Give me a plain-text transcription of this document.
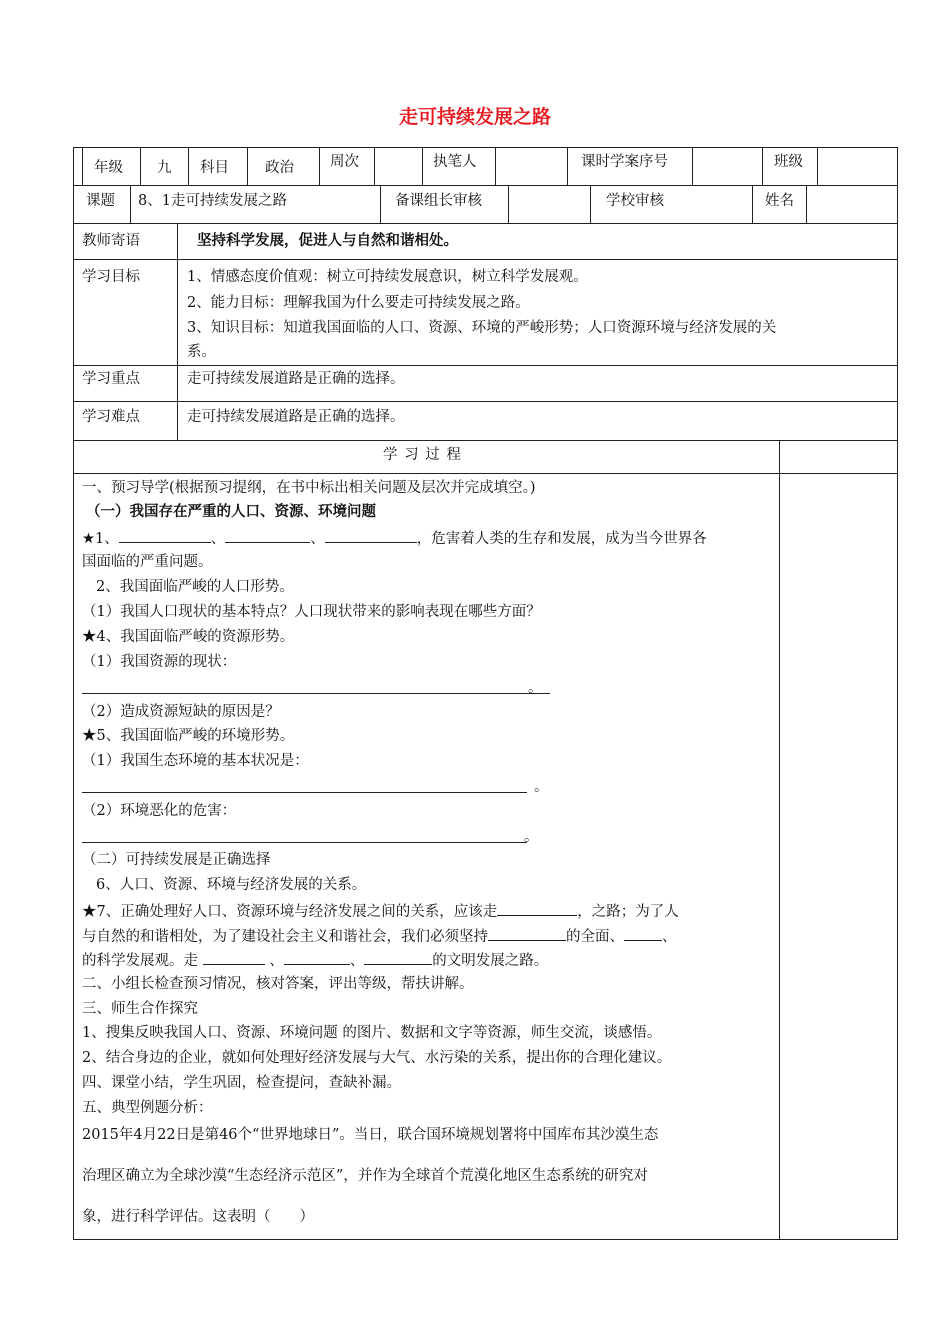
走可持续发展之路
年级 九 科目 政治 周次	执笔人	课时学案序号	班级
课题 8、1走可持续发展之路	备课组长审核	学校审核	姓名
教师寄语	坚持科学发展，促进人与自然和谐相处。
学习目标	1、情感态度价值观：树立可持续发展意识，树立科学发展观。
2、能力目标：理解我国为什么要走可持续发展之路。
3、知识目标：知道我国面临的人口、资源、环境的严峻形势；人口资源环境与经济发展的关
系。
学习重点	走可持续发展道路是正确的选择。
学习难点	走可持续发展道路是正确的选择。
学 习 过 程
一、预习导学(根据预习提纲，在书中标出相关问题及层次并完成填空。)
（一）我国存在严重的人口、资源、环境问题
★1、	、	、	，危害着人类的生存和发展，成为当今世界各
国面临的严重问题。
2、我国面临严峻的人口形势。
（1）我国人口现状的基本特点？人口现状带来的影响表现在哪些方面？
★4、我国面临严峻的资源形势。
（1）我国资源的现状：
。
（2）造成资源短缺的原因是？
★5、我国面临严峻的环境形势。
（1）我国生态环境的基本状况是：
。
（2）环境恶化的危害：
。
（二）可持续发展是正确选择
6、人口、资源、环境与经济发展的关系。
★7、正确处理好人口、资源环境与经济发展之间的关系，应该走	，之路；为了人
与自然的和谐相处，为了建设社会主义和谐社会，我们必须坚持	的全面、	、
的科学发展观。走	、	、	的文明发展之路。
二、小组长检查预习情况，核对答案，评出等级，帮扶讲解。
三、师生合作探究
1、搜集反映我国人口、资源、环境问题 的图片、数据和文字等资源，师生交流，谈感悟。
2、结合身边的企业，就如何处理好经济发展与大气、水污染的关系，提出你的合理化建议。
四、课堂小结，学生巩固，检查提问，查缺补漏。
五、典型例题分析：
2015年4月22日是第46个“世界地球日”。当日，联合国环境规划署将中国库布其沙漠生态
治理区确立为全球沙漠“生态经济示范区”，并作为全球首个荒漠化地区生态系统的研究对
象，进行科学评估。这表明（　　）
